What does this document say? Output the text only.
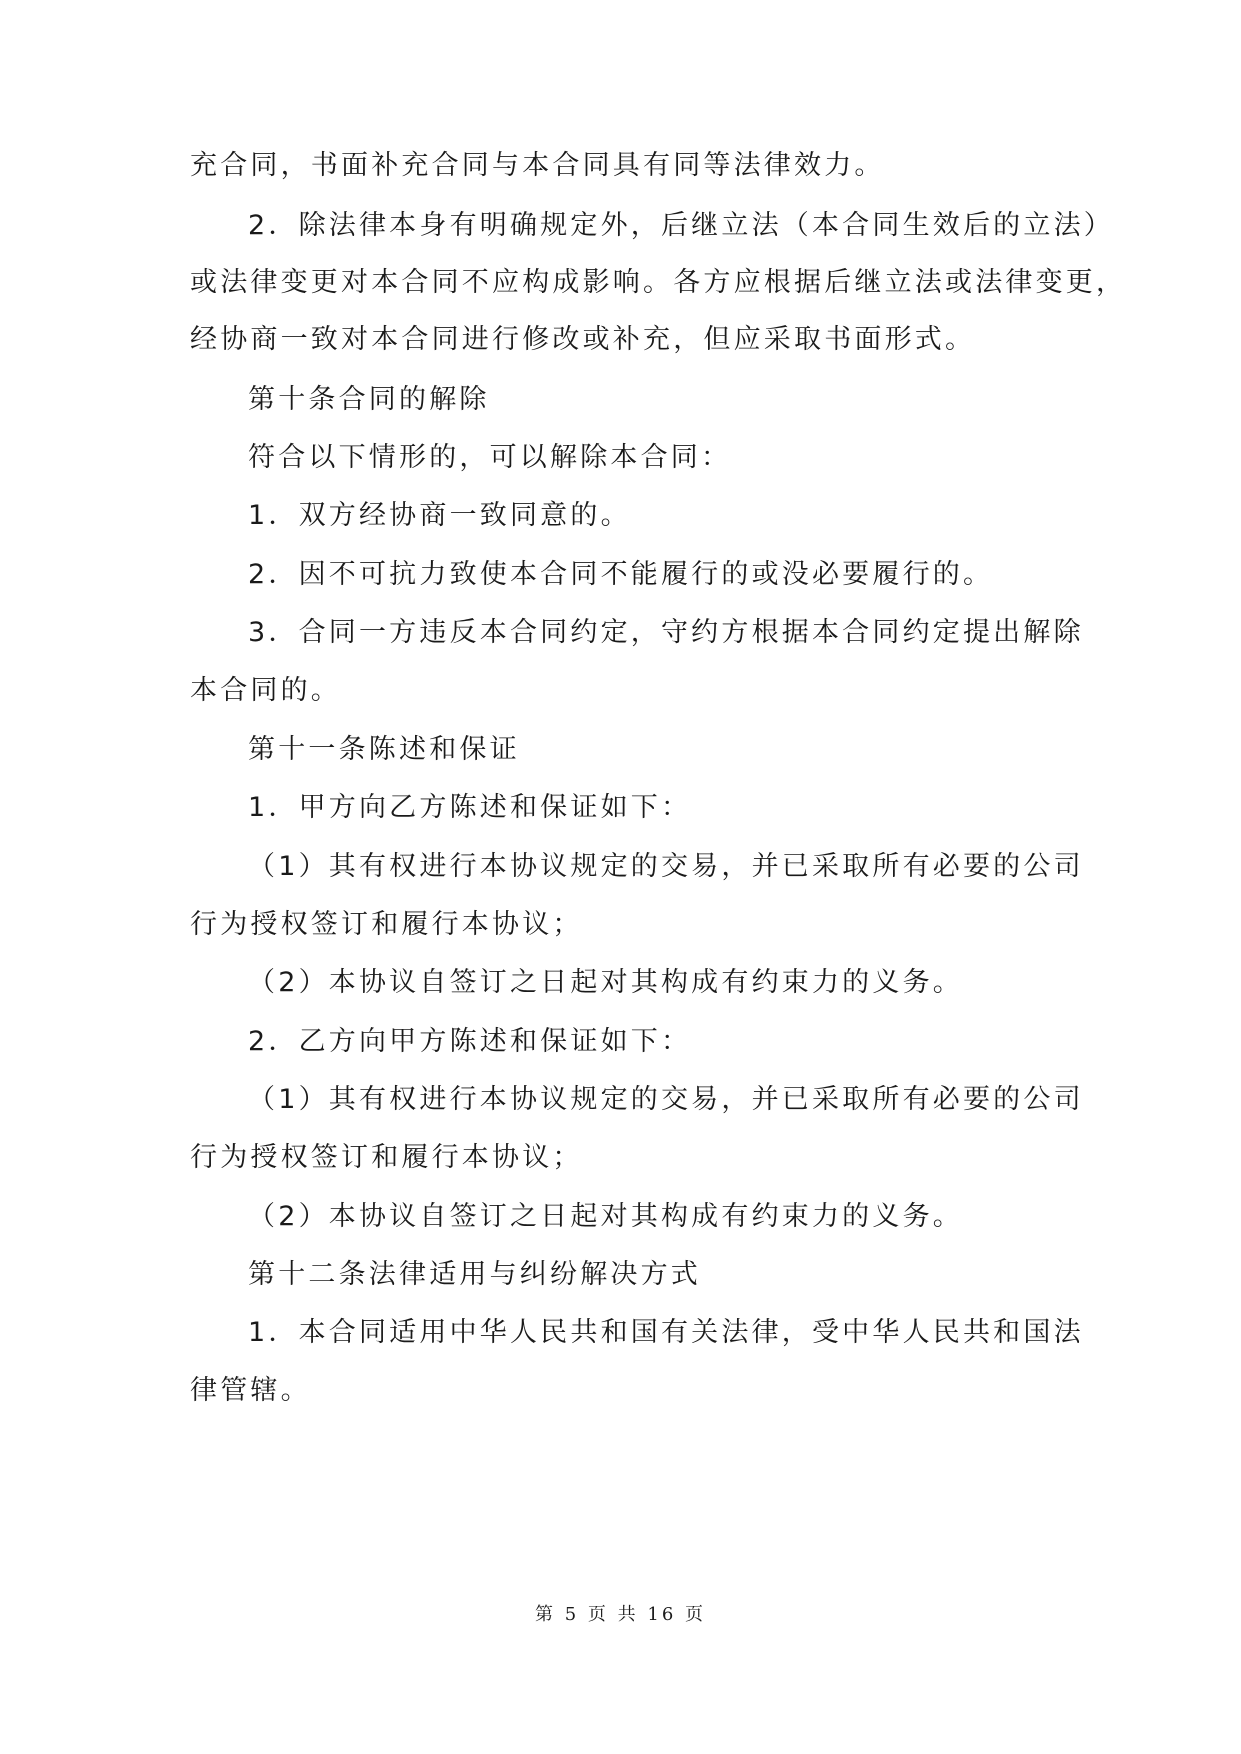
充合同，书面补充合同与本合同具有同等法律效力。
2．除法律本身有明确规定外，后继立法（本合同生效后的立法）
或法律变更对本合同不应构成影响。各方应根据后继立法或法律变更，
经协商一致对本合同进行修改或补充，但应采取书面形式。
第十条合同的解除
符合以下情形的，可以解除本合同：
1．双方经协商一致同意的。
2．因不可抗力致使本合同不能履行的或没必要履行的。
3．合同一方违反本合同约定，守约方根据本合同约定提出解除
本合同的。
第十一条陈述和保证
1．甲方向乙方陈述和保证如下：
（1）其有权进行本协议规定的交易，并已采取所有必要的公司
行为授权签订和履行本协议；
（2）本协议自签订之日起对其构成有约束力的义务。
2．乙方向甲方陈述和保证如下：
（1）其有权进行本协议规定的交易，并已采取所有必要的公司
行为授权签订和履行本协议；
（2）本协议自签订之日起对其构成有约束力的义务。
第十二条法律适用与纠纷解决方式
1．本合同适用中华人民共和国有关法律，受中华人民共和国法
律管辖。
第 5 页 共 16 页
